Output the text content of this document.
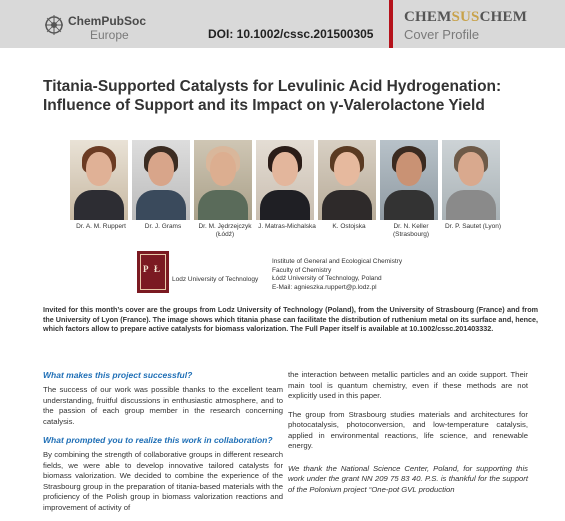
ChemPubSoc
Europe	DOI: 10.1002/cssc.201500305
CHEMSUSCHEM
Cover Profile
Titania-Supported Catalysts for Levulinic Acid Hydrogenation: Influence of Support and its Impact on γ-Valerolactone Yield
Dr. A. M. Ruppert	Dr. J. Grams	Dr. M. Jędrzejczyk
(Łódź)
J. Matras-Michalska	K. Ostojska	Dr. N. Keller
(Strasbourg)
Dr. P. Sautet (Lyon)
P Ł
Lodz University of Technology
Institute of General and Ecological Chemistry
Faculty of Chemistry
Łódź University of Technology, Poland
E-Mail: agnieszka.ruppert@p.lodz.pl

Invited for this month’s cover are the groups from Lodz University of Technology (Poland), from the University of Strasbourg (France) and from the University of Lyon (France). The image shows which titania phase can facilitate the distribution of ruthenium metal on its surface and, hence, which factors allow to prepare active catalysts for biomass valorization. The Full Paper itself is available at 10.1002/cssc.201403332.

What makes this project successful?

The success of our work was possible thanks to the excellent team understanding, fruitful discussions in enthusiastic atmosphere, and to the passion of each group member in the research concerning catalysis.

What prompted you to realize this work in collaboration?

By combining the strength of collaborative groups in different research fields, we were able to develop innovative tailored catalysts for biomass valorization. We decided to combine the experience of the Strasbourg group in the preparation of titania-based materials with the proficiency of the Polish group in biomass valorization reactions and improvement of activity of

the interaction between metallic particles and an oxide support. Their main tool is quantum chemistry, even if these methods are not explicitly used in this paper.

The group from Strasbourg studies materials and architectures for photocatalysis, photoconversion, and low-temperature catalysis, applied in environmental reactions, life science, and renewable energy.

We thank the National Science Center, Poland, for supporting this work under the grant NN 209 75 83 40. P.S. is thankful for the support of the Polonium project “One-pot GVL production
